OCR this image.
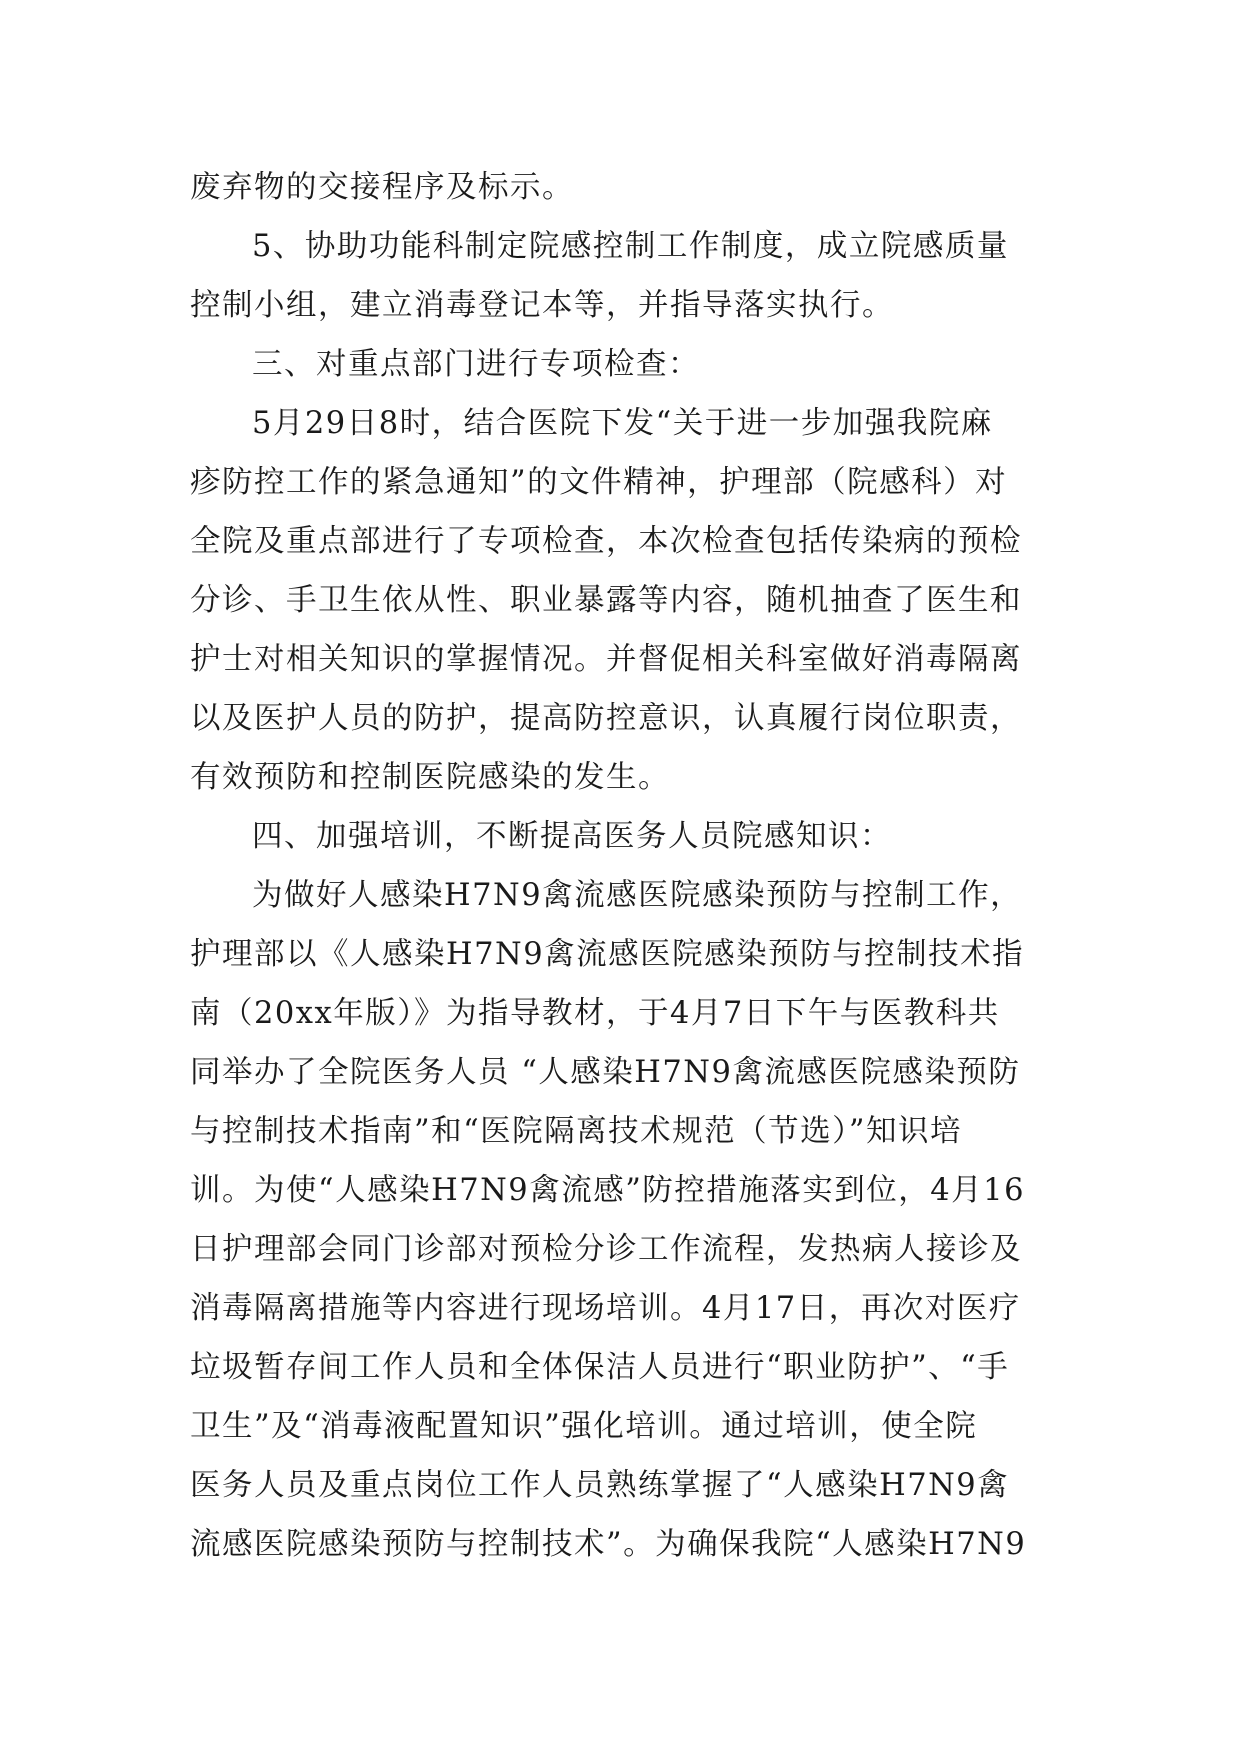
废弃物的交接程序及标示。
5、协助功能科制定院感控制工作制度，成立院感质量
控制小组，建立消毒登记本等，并指导落实执行。
三、对重点部门进行专项检查：
5月29日8时，结合医院下发“关于进一步加强我院麻
疹防控工作的紧急通知”的文件精神，护理部（院感科）对
全院及重点部进行了专项检查，本次检查包括传染病的预检
分诊、手卫生依从性、职业暴露等内容，随机抽查了医生和
护士对相关知识的掌握情况。并督促相关科室做好消毒隔离
以及医护人员的防护，提高防控意识，认真履行岗位职责，
有效预防和控制医院感染的发生。
四、加强培训，不断提高医务人员院感知识：
为做好人感染H7N9禽流感医院感染预防与控制工作，
护理部以《人感染H7N9禽流感医院感染预防与控制技术指
南（20xx年版）》为指导教材，于4月7日下午与医教科共
同举办了全院医务人员 “人感染H7N9禽流感医院感染预防
与控制技术指南”和“医院隔离技术规范（节选）”知识培
训。为使“人感染H7N9禽流感”防控措施落实到位，4月16
日护理部会同门诊部对预检分诊工作流程，发热病人接诊及
消毒隔离措施等内容进行现场培训。4月17日，再次对医疗
垃圾暂存间工作人员和全体保洁人员进行“职业防护”、“手
卫生”及“消毒液配置知识”强化培训。通过培训，使全院
医务人员及重点岗位工作人员熟练掌握了“人感染H7N9禽
流感医院感染预防与控制技术”。为确保我院“人感染H7N9
